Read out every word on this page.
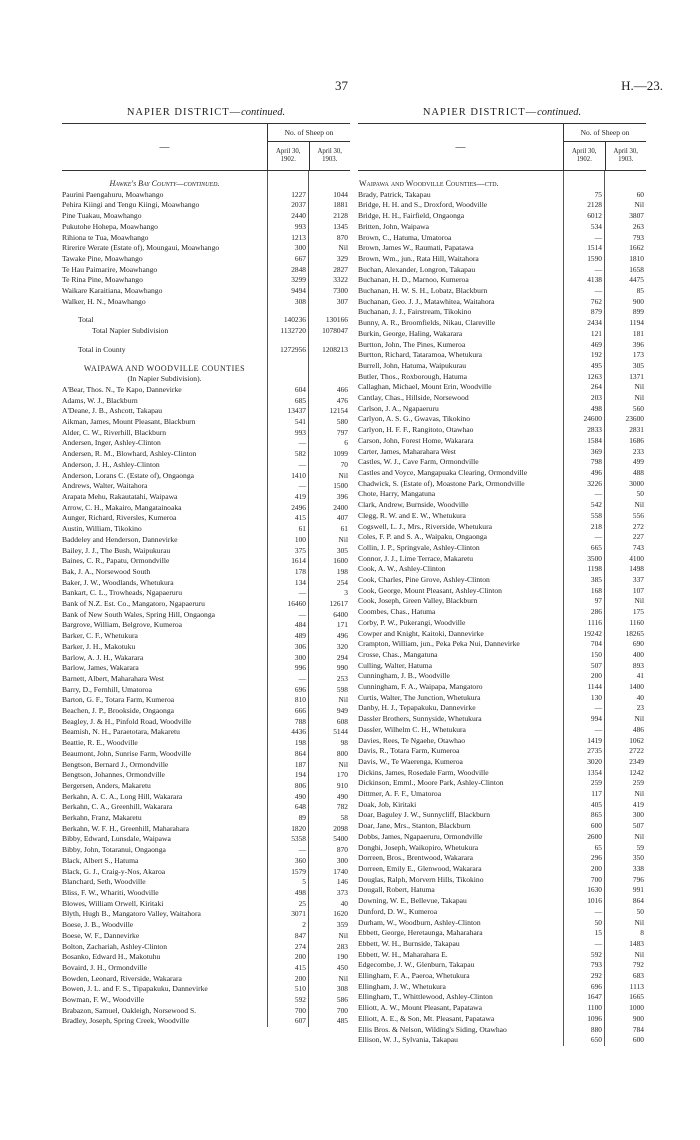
37	H.—23.
NAPIER DISTRICT—continued.
—
No. of Sheep on
April 30, 1902.
April 30, 1903.
Hawke's Bay County—continued.
Paurini Paengahuru, Moawhango	1227	1044
Pehira Kiingi and Tengu Kiingi, Moawhango	2037	1881
Pine Tuakau, Moawhango	2440	2128
Pukutohe Hohepa, Moawhango	993	1345
Rihiona te Tua, Moawhango	1213	870
Rirerire Werate (Estate of), Moungaui, Moawhango	300	Nil
Tawake Pine, Moawhango	667	329
Te Hau Paimarire, Moawhango	2848	2827
Te Rina Pine, Moawhango	3299	3322
Waikare Karaitiana, Moawhango	9494	7300
Walker, H. N., Moawhango	308	307
Total	140236	130166
Total Napier Subdivision	1132720	1078047
Total in County	1272956	1208213
WAIPAWA AND WOODVILLE COUNTIES
(In Napier Subdivision).
A'Bear, Thos. N., Te Kapo, Dannevirke	604	466
Adams, W. J., Blackburn	685	476
A'Deane, J. B., Ashcott, Takapau	13437	12154
Aikman, James, Mount Pleasant, Blackburn	541	580
Alder, C. W., Riverhill, Blackburn	993	797
Andersen, Inger, Ashley-Clinton	—	6
Andersen, R. M., Blowhard, Ashley-Clinton	582	1099
Anderson, J. H., Ashley-Clinton	—	70
Anderson, Lorans C. (Estate of), Ongaonga	1410	Nil
Andrews, Walter, Waitahora	—	1500
Arapata Mehu, Rakautatahi, Waipawa	419	396
Arrow, C. H., Makairo, Mangatainoaka	2496	2400
Aunger, Richard, Riversles, Kumeroa	415	407
Austin, William, Tikokino	61	61
Baddeley and Henderson, Dannevirke	100	Nil
Bailey, J. J., The Bush, Waipukurau	375	305
Baines, C. R., Papatu, Ormondville	1614	1600
Bak, J. A., Norsewood South	178	198
Baker, J. W., Woodlands, Whetukura	134	254
Bankart, C. L., Trowheads, Ngapaeruru	—	3
Bank of N.Z. Est. Co., Mangatoro, Ngapaeruru	16460	12617
Bank of New South Wales, Spring Hill, Ongaonga	—	6400
Bargrove, William, Belgrove, Kumeroa	484	171
Barker, C. F., Whetukura	489	496
Barker, J. H., Makotuku	306	320
Barlow, A. J. H., Wakarara	300	294
Barlow, James, Wakarara	996	990
Barnett, Albert, Maharahara West	—	253
Barry, D., Fernhill, Umatoroa	696	598
Barton, G. F., Totara Farm, Kumeroa	810	Nil
Beachen, J. P., Brookside, Ongaonga	666	949
Beagley, J. & H., Pinfold Road, Woodville	788	608
Beamish, N. H., Paraetotara, Makaretu	4436	5144
Beattie, R. E., Woodville	198	98
Beaumont, John, Sunrise Farm, Woodville	864	800
Bengtson, Bernard J., Ormondville	187	Nil
Bengtson, Johannes, Ormondville	194	170
Bergersen, Anders, Makaretu	806	910
Berkahn, A. C. A., Long Hill, Wakarara	490	490
Berkahn, C. A., Greenhill, Wakarara	648	782
Berkahn, Franz, Makaretu	89	58
Berkahn, W. F. H., Greenhill, Maharahara	1820	2098
Bibby, Edward, Lunsdale, Waipawa	5358	5400
Bibby, John, Totaranui, Ongaonga	—	870
Black, Albert S., Hatuma	360	300
Black, G. J., Craig-y-Nos, Akaroa	1579	1740
Blanchard, Seth, Woodville	5	146
Bliss, F. W., Whariti, Woodville	498	373
Blowes, William Orwell, Kiritaki	25	40
Blyth, Hugh B., Mangatoro Valley, Waitahora	3071	1620
Boese, J. B., Woodville	2	359
Boese, W. F., Dannevirke	847	Nil
Bolton, Zachariah, Ashley-Clinton	274	283
Bosanko, Edward H., Makotuhu	200	190
Bovaird, J. H., Ormondville	415	450
Bowden, Leonard, Riverside, Wakarara	200	Nil
Bowen, J. L. and F. S., Tipapakuku, Dannevirke	510	308
Bowman, F. W., Woodville	592	586
Brabazon, Samuel, Oakleigh, Norsewood S.	700	700
Bradley, Joseph, Spring Creek, Woodville	607	485
NAPIER DISTRICT—continued.
—
No. of Sheep on
April 30, 1902.
April 30, 1903.
Waipawa and Woodville Counties—ctd.
Brady, Patrick, Takapau	75	60
Bridge, H. H. and S., Droxford, Woodville	2128	Nil
Bridge, H. H., Fairfield, Ongaonga	6012	3807
Britten, John, Waipawa	534	263
Brown, C., Hatuma, Umatoroa	—	793
Brown, James W., Raumati, Papatawa	1514	1662
Brown, Wm., jun., Rata Hill, Waitahora	1590	1810
Buchan, Alexander, Longron, Takapau	—	1658
Buchanan, H. D., Marnoo, Kumeroa	4138	4475
Buchanan, H. W. S. H., Lobatz, Blackburn	—	85
Buchanan, Geo. J. J., Matawhitea, Waitahora	762	900
Buchanan, J. J., Fairstream, Tikokino	879	899
Bunny, A. R., Broomfields, Nikau, Clareville	2434	1194
Burkin, George, Haling, Wakarara	121	181
Burtton, John, The Pines, Kumeroa	469	396
Burtton, Richard, Tataramoa, Whetukura	192	173
Burrell, John, Hatuma, Waipukurau	495	305
Butler, Thos., Roxborough, Hatuma	1263	1371
Callaghan, Michael, Mount Erin, Woodville	264	Nil
Cantlay, Chas., Hillside, Norsewood	203	Nil
Carlson, J. A., Ngapaeruru	498	560
Carlyon, A. S. G., Gwavas, Tikokino	24600	23600
Carlyon, H. F. F., Rangitoto, Otawhao	2833	2831
Carson, John, Forest Home, Wakarara	1584	1686
Carter, James, Maharahara West	369	233
Castles, W. J., Cave Farm, Ormondville	798	499
Castles and Voyce, Mangapuaka Clearing, Ormondville	496	488
Chadwick, S. (Estate of), Moastone Park, Ormondville	3226	3000
Chote, Harry, Mangatuna	—	50
Clark, Andrew, Burnside, Woodville	542	Nil
Clegg, R. W. and E. W., Whetukura	558	556
Cogswell, L. J., Mrs., Riverside, Whetukura	218	272
Coles, F. P. and S. A., Waipaku, Ongaonga	—	227
Collin, J. P., Springvale, Ashley-Clinton	665	743
Connor, J. J., Lime Terrace, Makaretu	3500	4100
Cook, A. W., Ashley-Clinton	1198	1498
Cook, Charles, Pine Grove, Ashley-Clinton	385	337
Cook, George, Mount Pleasant, Ashley-Clinton	168	107
Cook, Joseph, Green Valley, Blackburn	97	Nil
Coombes, Chas., Hatuma	286	175
Corby, P. W., Pukerangi, Woodville	1116	1160
Cowper and Knight, Kaitoki, Dannevirke	19242	18265
Crampton, William, jun., Peka Peka Nui, Dannevirke	704	690
Crosse, Chas., Mangatuna	150	400
Culling, Walter, Hatuma	507	893
Cunningham, J. B., Woodville	200	41
Cunningham, F. A., Waipapa, Mangatoro	1144	1400
Curtis, Walter, The Junction, Whetukura	130	40
Danby, H. J., Tepapakuku, Dannevirke	—	23
Dassler Brothers, Sunnyside, Whetukura	994	Nil
Dassler, Wilhelm C. H., Whetukura	—	486
Davies, Rees, Te Ngaehe, Otawhao	1419	1062
Davis, R., Totara Farm, Kumeroa	2735	2722
Davis, W., Te Waerenga, Kumeroa	3020	2349
Dickins, James, Rosedale Farm, Woodville	1354	1242
Dickinson, Emml., Moore Park, Ashley-Clinton	259	259
Dittmer, A. F. F., Umatoroa	117	Nil
Doak, Job, Kiritaki	405	419
Doar, Baguley J. W., Sunnycliff, Blackburn	865	300
Doar, Jane, Mrs., Stanton, Blackburn	600	507
Dobbs, James, Ngapaeruru, Ormondville	2600	Nil
Donghi, Joseph, Waikopiro, Whetukura	65	59
Dorreen, Bros., Brentwood, Wakarara	296	350
Dorreen, Emily E., Glenwood, Wakarara	200	338
Douglas, Ralph, Morvern Hills, Tikokino	700	796
Dougall, Robert, Hatuma	1630	991
Downing, W. E., Bellevue, Takapau	1016	864
Dunford, D. W., Kumeroa	—	50
Durham, W., Woodburn, Ashley-Clinton	50	Nil
Ebbett, George, Heretaunga, Maharahara	15	8
Ebbett, W. H., Burnside, Takapau	—	1483
Ebbett, W. H., Maharahara E.	592	Nil
Edgecombe, J. W., Glenburn, Takapau	793	792
Ellingham, F. A., Paeroa, Whetukura	292	683
Ellingham, J. W., Whetukura	696	1113
Ellingham, T., Whittlewood, Ashley-Clinton	1647	1665
Elliott, A. W., Mount Pleasant, Papatawa	1100	1000
Elliott, A. E., & Son, Mt. Pleasant, Papatawa	1096	900
Ellis Bros. & Nelson, Wilding's Siding, Otawhao	880	784
Ellison, W. J., Sylvania, Takapau	650	600
